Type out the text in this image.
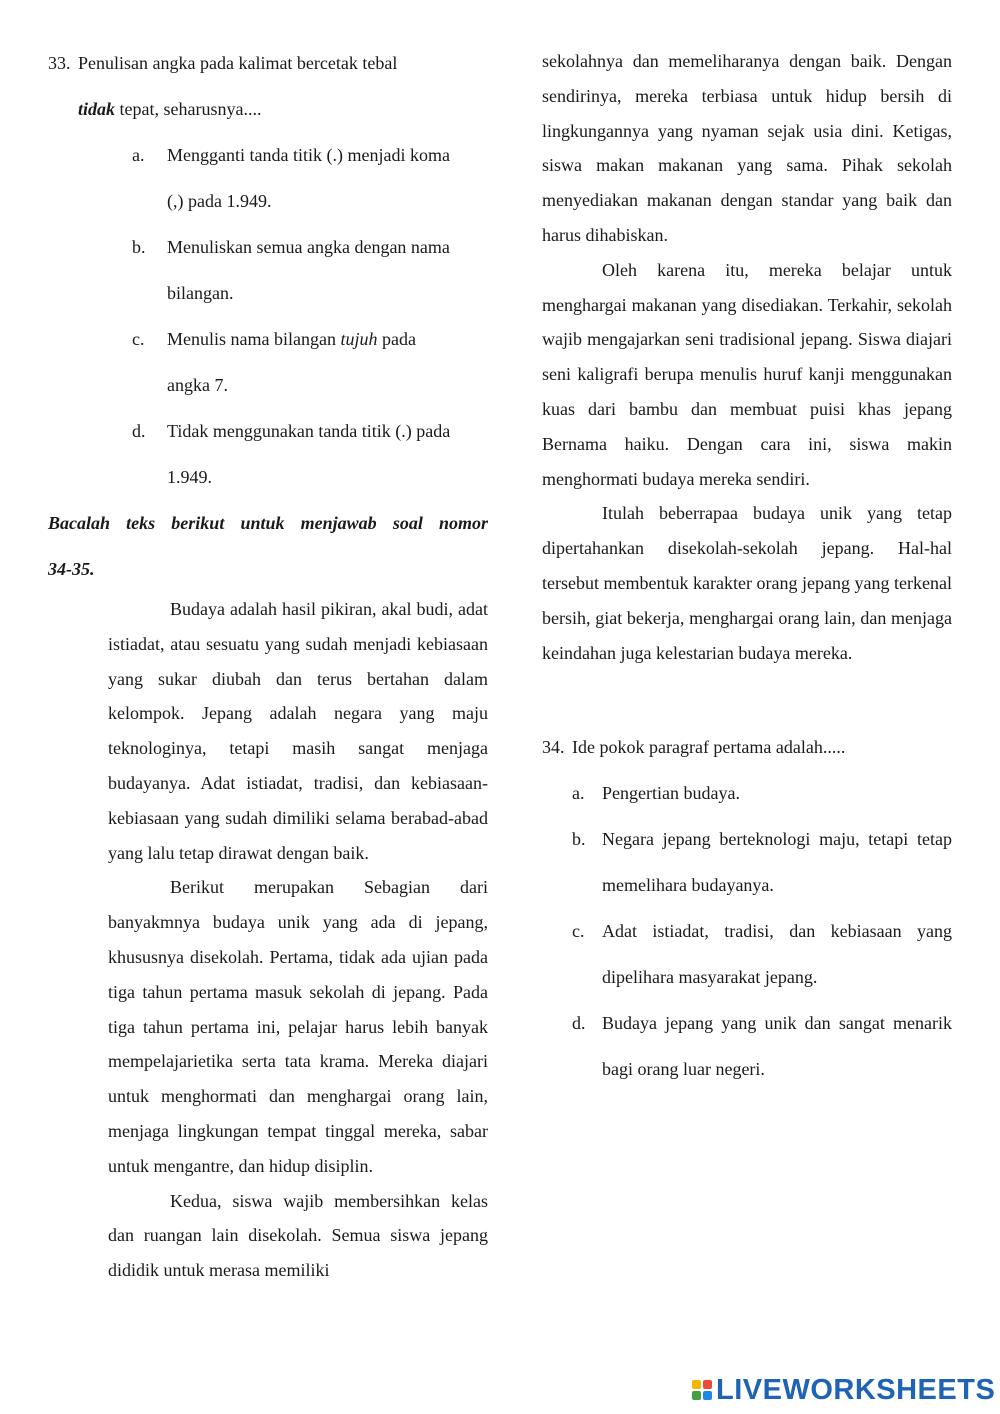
33. Penulisan angka pada kalimat bercetak tebal
tidak tepat, seharusnya....

a.	Mengganti tanda titik (.) menjadi koma
(,) pada 1.949.
b.	Menuliskan semua angka dengan nama
bilangan.
c.	Menulis nama bilangan tujuh pada
angka 7.
d.	Tidak menggunakan tanda titik (.) pada
1.949.

Bacalah teks berikut untuk menjawab soal nomor
34-35.

Budaya adalah hasil pikiran, akal budi, adat istiadat, atau sesuatu yang sudah menjadi kebiasaan yang sukar diubah dan terus bertahan dalam kelompok. Jepang adalah negara yang maju teknologinya, tetapi masih sangat menjaga budayanya. Adat istiadat, tradisi, dan kebiasaan-kebiasaan yang sudah dimiliki selama berabad-abad yang lalu tetap dirawat dengan baik.

Berikut merupakan Sebagian dari banyakmnya budaya unik yang ada di jepang, khususnya disekolah. Pertama, tidak ada ujian pada tiga tahun pertama masuk sekolah di jepang. Pada tiga tahun pertama ini, pelajar harus lebih banyak mempelajarietika serta tata krama. Mereka diajari untuk menghormati dan menghargai orang lain, menjaga lingkungan tempat tinggal mereka, sabar untuk mengantre, dan hidup disiplin.

Kedua, siswa wajib membersihkan kelas dan ruangan lain disekolah. Semua siswa jepang dididik untuk merasa memiliki

sekolahnya dan memeliharanya dengan baik. Dengan sendirinya, mereka terbiasa untuk hidup bersih di lingkungannya yang nyaman sejak usia dini. Ketigas, siswa makan makanan yang sama. Pihak sekolah menyediakan makanan dengan standar yang baik dan harus dihabiskan.

Oleh karena itu, mereka belajar untuk menghargai makanan yang disediakan. Terkahir, sekolah wajib mengajarkan seni tradisional jepang. Siswa diajari seni kaligrafi berupa menulis huruf kanji menggunakan kuas dari bambu dan membuat puisi khas jepang Bernama haiku. Dengan cara ini, siswa makin menghormati budaya mereka sendiri.

Itulah beberrapaa budaya unik yang tetap dipertahankan disekolah-sekolah jepang. Hal-hal tersebut membentuk karakter orang jepang yang terkenal bersih, giat bekerja, menghargai orang lain, dan menjaga keindahan juga kelestarian budaya mereka.

34. Ide pokok paragraf pertama adalah.....
a. Pengertian budaya.
b. Negara jepang berteknologi maju, tetapi tetap memelihara budayanya.
c. Adat istiadat, tradisi, dan kebiasaan yang dipelihara masyarakat jepang.
d. Budaya jepang yang unik dan sangat menarik bagi orang luar negeri.
LIVEWORKSHEETS
